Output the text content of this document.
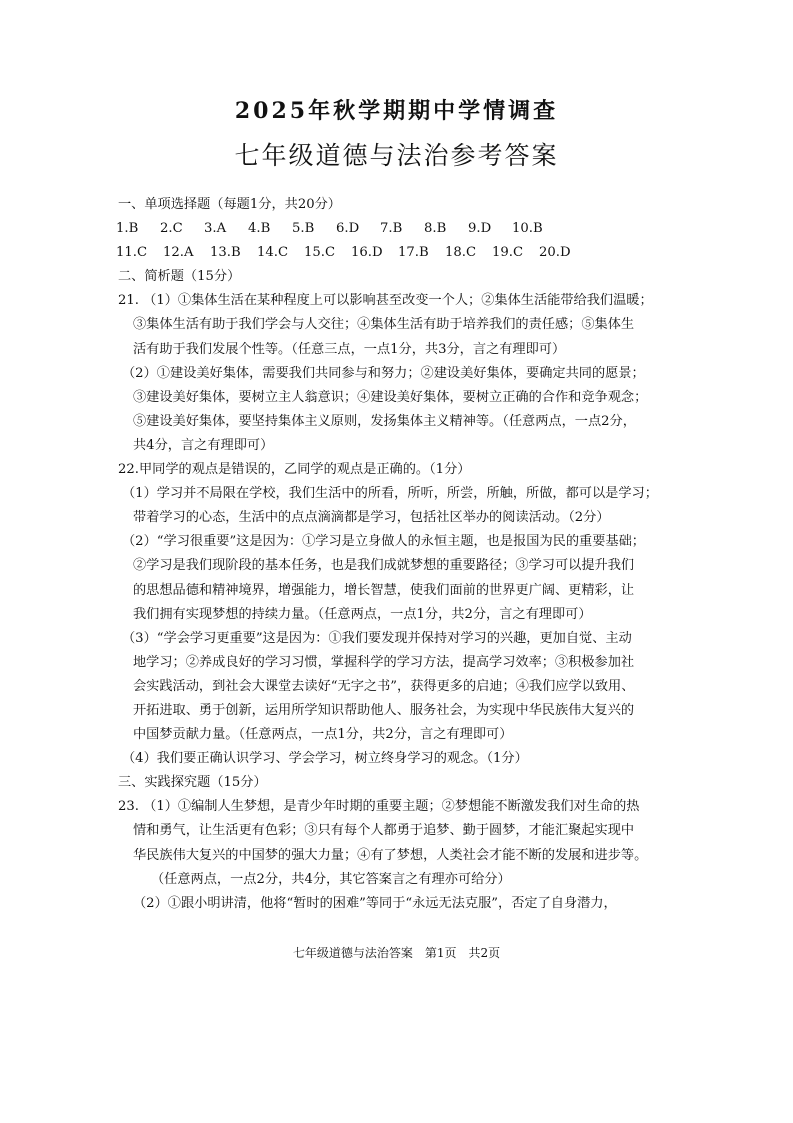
2025年秋学期期中学情调查
七年级道德与法治参考答案
一、单项选择题（每题1分，共20分）
1.B 2.C 3.A 4.B 5.B 6.D 7.B 8.B 9.D 10.B
11.C 12.A 13.B 14.C 15.C 16.D 17.B 18.C 19.C 20.D
二、简析题（15分）
21. （1）①集体生活在某种程度上可以影响甚至改变一个人；②集体生活能带给我们温暖；
③集体生活有助于我们学会与人交往；④集体生活有助于培养我们的责任感；⑤集体生
活有助于我们发展个性等。（任意三点，一点1分，共3分，言之有理即可）
（2）①建设美好集体，需要我们共同参与和努力；②建设美好集体，要确定共同的愿景；
③建设美好集体，要树立主人翁意识；④建设美好集体，要树立正确的合作和竞争观念；
⑤建设美好集体，要坚持集体主义原则，发扬集体主义精神等。（任意两点，一点2分，
共4分，言之有理即可）
22.甲同学的观点是错误的，乙同学的观点是正确的。（1分）
（1）学习并不局限在学校，我们生活中的所看，所听，所尝，所触，所做，都可以是学习；
带着学习的心态，生活中的点点滴滴都是学习，包括社区举办的阅读活动。（2分）
（2）“学习很重要”这是因为：①学习是立身做人的永恒主题，也是报国为民的重要基础；
②学习是我们现阶段的基本任务，也是我们成就梦想的重要路径；③学习可以提升我们
的思想品德和精神境界，增强能力，增长智慧，使我们面前的世界更广阔、更精彩，让
我们拥有实现梦想的持续力量。（任意两点，一点1分，共2分，言之有理即可）
（3）“学会学习更重要”这是因为：①我们要发现并保持对学习的兴趣，更加自觉、主动
地学习；②养成良好的学习习惯，掌握科学的学习方法，提高学习效率；③积极参加社
会实践活动，到社会大课堂去读好“无字之书”，获得更多的启迪；④我们应学以致用、
开拓进取、勇于创新，运用所学知识帮助他人、服务社会，为实现中华民族伟大复兴的
中国梦贡献力量。（任意两点，一点1分，共2分，言之有理即可）
（4）我们要正确认识学习、学会学习，树立终身学习的观念。（1分）
三、实践探究题（15分）
23. （1）①编制人生梦想，是青少年时期的重要主题；②梦想能不断激发我们对生命的热
情和勇气，让生活更有色彩；③只有每个人都勇于追梦、勤于圆梦，才能汇聚起实现中
华民族伟大复兴的中国梦的强大力量；④有了梦想，人类社会才能不断的发展和进步等。
（任意两点，一点2分，共4分，其它答案言之有理亦可给分）
（2）①跟小明讲清，他将“暂时的困难”等同于“永远无法克服”，否定了自身潜力，
七年级道德与法治答案　第1页　共2页
